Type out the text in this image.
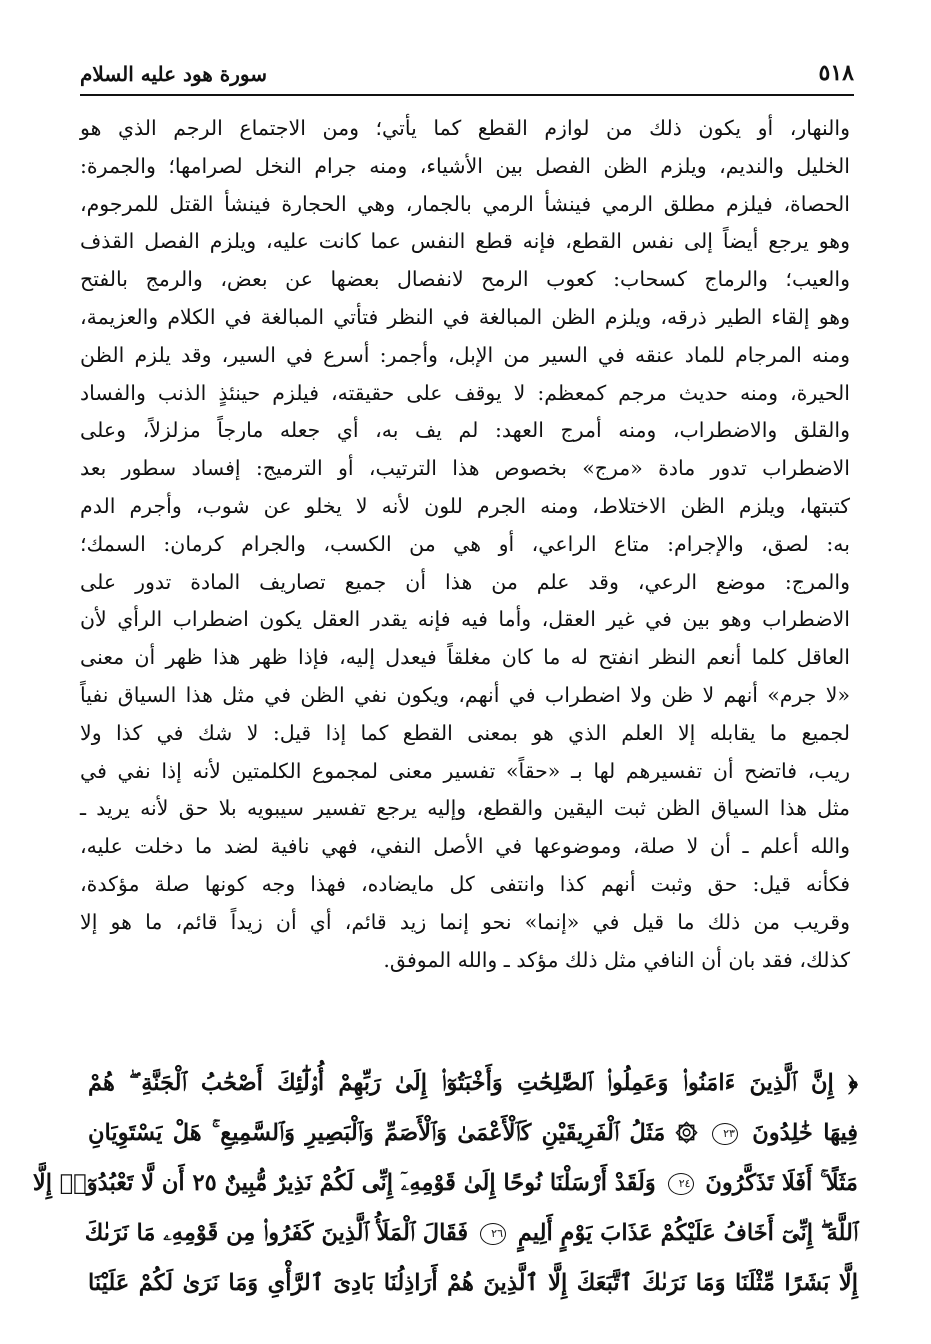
٥١٨
سورة هود عليه السلام
والنهار، أو يكون ذلك من لوازم القطع كما يأتي؛ ومن الاجتماع الرجم الذي هو
الخليل والنديم، ويلزم الظن الفصل بين الأشياء، ومنه جرام النخل لصرامها؛ والجمرة:
الحصاة، فيلزم مطلق الرمي فينشأ الرمي بالجمار، وهي الحجارة فينشأ القتل للمرجوم،
وهو يرجع أيضاً إلى نفس القطع، فإنه قطع النفس عما كانت عليه، ويلزم الفصل القذف
والعيب؛ والرماج كسحاب: كعوب الرمح لانفصال بعضها عن بعض، والرمج بالفتح
وهو إلقاء الطير ذرقه، ويلزم الظن المبالغة في النظر فتأتي المبالغة في الكلام والعزيمة،
ومنه المرجام للماد عنقه في السير من الإبل، وأجمر: أسرع في السير، وقد يلزم الظن
الحيرة، ومنه حديث مرجم كمعظم: لا يوقف على حقيقته، فيلزم حينئذٍ الذنب والفساد
والقلق والاضطراب، ومنه أمرج العهد: لم يف به، أي جعله مارجاً مزلزلاً، وعلى
الاضطراب تدور مادة «مرج» بخصوص هذا الترتيب، أو الترميج: إفساد سطور بعد
كتبتها، ويلزم الظن الاختلاط، ومنه الجرم للون لأنه لا يخلو عن شوب، وأجرم الدم
به: لصق، والإجرام: متاع الراعي، أو هي من الكسب، والجرام كرمان: السمك؛
والمرج: موضع الرعي، وقد علم من هذا أن جميع تصاريف المادة تدور على
الاضطراب وهو بين في غير العقل، وأما فيه فإنه يقدر العقل يكون اضطراب الرأي لأن
العاقل كلما أنعم النظر انفتح له ما كان مغلقاً فيعدل إليه، فإذا ظهر هذا ظهر أن معنى
«لا جرم» أنهم لا ظن ولا اضطراب في أنهم، ويكون نفي الظن في مثل هذا السياق نفياً
لجميع ما يقابله إلا العلم الذي هو بمعنى القطع كما إذا قيل: لا شك في كذا ولا
ريب، فاتضح أن تفسيرهم لها بـ «حقاً» تفسير معنى لمجموع الكلمتين لأنه إذا نفي في
مثل هذا السياق الظن ثبت اليقين والقطع، وإليه يرجع تفسير سيبويه بلا حق لأنه يريد ـ
والله أعلم ـ أن لا صلة، وموضوعها في الأصل النفي، فهي نافية لضد ما دخلت عليه،
فكأنه قيل: حق وثبت أنهم كذا وانتفى كل مايضاده، فهذا وجه كونها صلة مؤكدة،
وقريب من ذلك ما قيل في «إنما» نحو إنما زيد قائم، أي أن زيداً قائم، ما هو إلا
كذلك، فقد بان أن النافي مثل ذلك مؤكد ـ والله الموفق.
﴿ إِنَّ ٱلَّذِينَ ءَامَنُوا۟ وَعَمِلُوا۟ ٱلصَّٰلِحَٰتِ وَأَخْبَتُوٓا۟ إِلَىٰ رَبِّهِمْ أُو۟لَٰٓئِكَ أَصْحَٰبُ ٱلْجَنَّةِ ۖ هُمْ
فِيهَا خَٰلِدُونَ ٢٣ ۞ مَثَلُ ٱلْفَرِيقَيْنِ كَٱلْأَعْمَىٰ وَٱلْأَصَمِّ وَٱلْبَصِيرِ وَٱلسَّمِيعِ ۚ هَلْ يَسْتَوِيَانِ
مَثَلًا ۚ أَفَلَا تَذَكَّرُونَ ٢٤ وَلَقَدْ أَرْسَلْنَا نُوحًا إِلَىٰ قَوْمِهِۦٓ إِنِّى لَكُمْ نَذِيرٌ مُّبِينٌ ٢٥ أَن لَّا تَعْبُدُوٓا۟ إِلَّا
ٱللَّهَ ۖ إِنِّىٓ أَخَافُ عَلَيْكُمْ عَذَابَ يَوْمٍ أَلِيمٍ ٢٦ فَقَالَ ٱلْمَلَأُ ٱلَّذِينَ كَفَرُوا۟ مِن قَوْمِهِۦ مَا نَرَىٰكَ
إِلَّا بَشَرًا مِّثْلَنَا وَمَا نَرَىٰكَ ٱتَّبَعَكَ إِلَّا ٱلَّذِينَ هُمْ أَرَاذِلُنَا بَادِىَ ٱلرَّأْىِ وَمَا نَرَىٰ لَكُمْ عَلَيْنَا
